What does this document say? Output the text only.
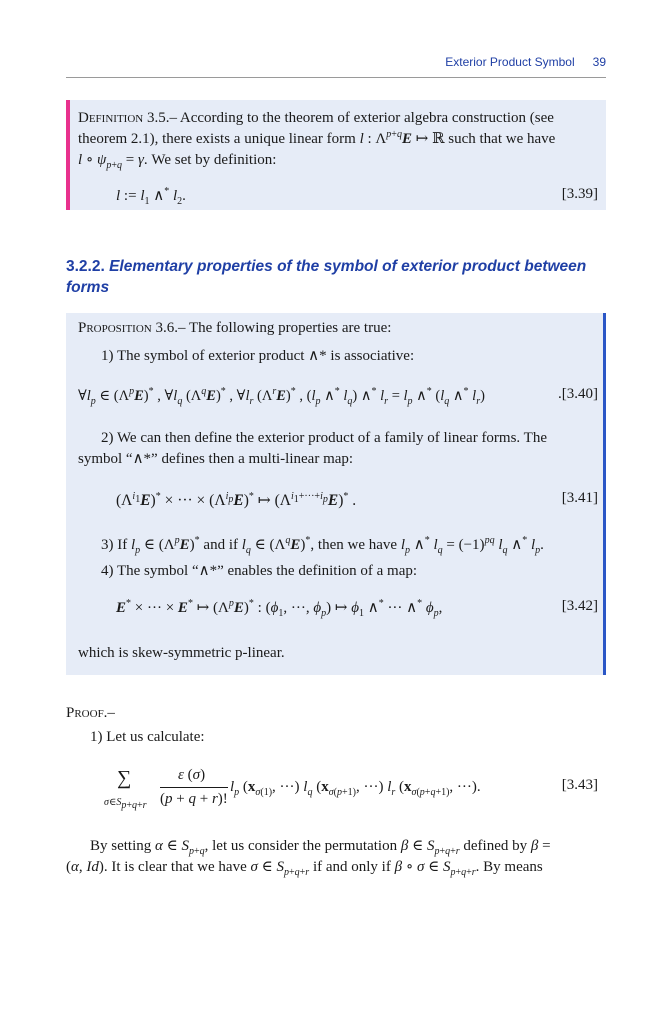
Exterior Product Symbol 39
Definition 3.5.– According to the theorem of exterior algebra construction (see
theorem 2.1), there exists a unique linear form l : $\Lambda^{p+q}E$ ↦ ℝ such that we have
l ∘ $\psi_{p+q} = \gamma$. We set by definition:
l := $l_1$ ∧* $l_2$.	[3.39]
3.2.2. Elementary properties of the symbol of exterior product between
forms
Proposition 3.6.– The following properties are true:
1) The symbol of exterior product ∧* is associative:
$\forall l_p$ ∈ $(\Lambda^pE)^*$ , $\forall l_q$ $(\Lambda^qE)^*$ , $\forall l_r$ $(\Lambda^rE)^*$ , ($l_p$ ∧* $l_q$) ∧* $l_r = l_p$ ∧* ($l_q$ ∧* $l_r$)	.[3.40]
2) We can then define the exterior product of a family of linear forms. The
symbol “∧*” defines then a multi-linear map:
$(\Lambda^{i_1}E)^*$ × ··· × $(\Lambda^{i_p}E)^*$ ↦ $(\Lambda^{i_1+\cdot\cdot\cdot+i_p}E)^*$ .	[3.41]
3) If $l_p$ ∈ $(\Lambda^pE)^*$ and if $l_q$ ∈ $(\Lambda^qE)^*$, then we have $l_p$ ∧* $l_q = (-1)^{pq}$ $l_q$ ∧* $l_p$.
4) The symbol “∧*” enables the definition of a map:
E* × ··· × E* ↦ $(\Lambda^pE)^*$ : ($\phi_1$, ···, $\phi_p$) ↦ $\phi_1$ ∧* ··· ∧* $\phi_p$,	[3.42]
which is skew-symmetric p-linear.
Proof.–
1) Let us calculate:
∑
$\sigma\in S_{p+q+r}$
ε (σ)
(p + q + r)!
$l_p$ ($x_{\sigma(1)}$, ···) $l_q$ ($x_{\sigma(p+1)}$, ···) $l_r$ ($x_{\sigma(p+q+1)}$, ···).	[3.43]
By setting α ∈ $S_{p+q}$, let us consider the permutation β ∈ $S_{p+q+r}$ defined by β =
(α, Id). It is clear that we have σ ∈ $S_{p+q+r}$ if and only if β ∘ σ ∈ $S_{p+q+r}$. By means
